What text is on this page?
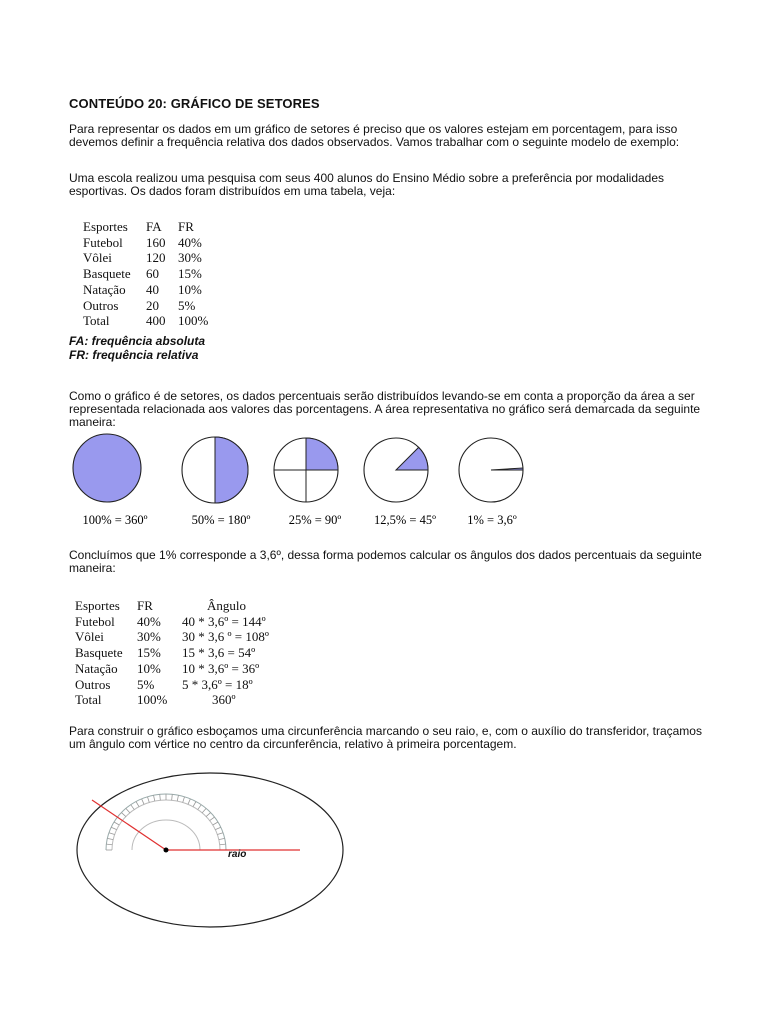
CONTEÚDO 20: GRÁFICO DE SETORES
Para representar os dados em um gráfico de setores é preciso que os valores estejam em porcentagem, para isso devemos definir a frequência relativa dos dados observados. Vamos trabalhar com o seguinte modelo de exemplo:
Uma escola realizou uma pesquisa com seus 400 alunos do Ensino Médio sobre a preferência por modalidades esportivas. Os dados foram distribuídos em uma tabela, veja:
Esportes	FA	FR
Futebol	160	40%
Vôlei	120	30%
Basquete	60	15%
Natação	40	10%
Outros	20	5%
Total	400	100%
FA: frequência absoluta
FR: frequência relativa
Como o gráfico é de setores, os dados percentuais serão distribuídos levando-se em conta a proporção da área a ser representada relacionada aos valores das porcentagens. A área representativa no gráfico será demarcada da seguinte maneira:
100% = 360º	50% = 180º	25% = 90º	12,5% = 45º	1% = 3,6º
Concluímos que 1% corresponde a 3,6º, dessa forma podemos calcular os ângulos dos dados percentuais da seguinte maneira:
Esportes	FR	Ângulo
Futebol	40%	40 * 3,6º = 144º
Vôlei	30%	30 * 3,6 º = 108º
Basquete	15%	15 * 3,6 = 54º
Natação	10%	10 * 3,6º = 36º
Outros	5%	5 * 3,6º = 18º
Total	100%	360º
Para construir o gráfico esboçamos uma circunferência marcando o seu raio, e, com o auxílio do transferidor, traçamos um ângulo com vértice no centro da circunferência, relativo à primeira porcentagem.
raio
